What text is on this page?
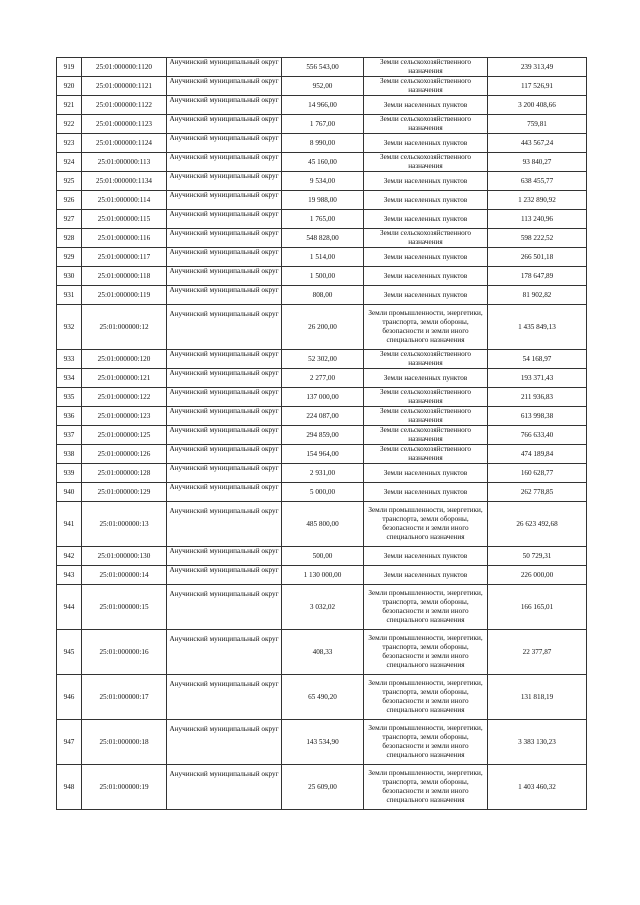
919	25:01:000000:1120	Анучинский муниципальный округ	556 543,00	Земли сельскохозяйственного назначения	239 313,49
920	25:01:000000:1121	Анучинский муниципальный округ	952,00	Земли сельскохозяйственного назначения	117 526,91
921	25:01:000000:1122	Анучинский муниципальный округ	14 966,00	Земли населенных пунктов	3 200 408,66
922	25:01:000000:1123	Анучинский муниципальный округ	1 767,00	Земли сельскохозяйственного назначения	759,81
923	25:01:000000:1124	Анучинский муниципальный округ	8 990,00	Земли населенных пунктов	443 567,24
924	25:01:000000:113	Анучинский муниципальный округ	45 160,00	Земли сельскохозяйственного назначения	93 840,27
925	25:01:000000:1134	Анучинский муниципальный округ	9 534,00	Земли населенных пунктов	638 455,77
926	25:01:000000:114	Анучинский муниципальный округ	19 988,00	Земли населенных пунктов	1 232 890,92
927	25:01:000000:115	Анучинский муниципальный округ	1 765,00	Земли населенных пунктов	113 240,96
928	25:01:000000:116	Анучинский муниципальный округ	548 828,00	Земли сельскохозяйственного назначения	598 222,52
929	25:01:000000:117	Анучинский муниципальный округ	1 514,00	Земли населенных пунктов	266 501,18
930	25:01:000000:118	Анучинский муниципальный округ	1 500,00	Земли населенных пунктов	178 647,89
931	25:01:000000:119	Анучинский муниципальный округ	808,00	Земли населенных пунктов	81 902,82
932	25:01:000000:12	Анучинский муниципальный округ	26 200,00	Земли промышленности, энергетики, транспорта, земли обороны, безопасности и земли иного специального назначения	1 435 849,13
933	25:01:000000:120	Анучинский муниципальный округ	52 302,00	Земли сельскохозяйственного назначения	54 168,97
934	25:01:000000:121	Анучинский муниципальный округ	2 277,00	Земли населенных пунктов	193 371,43
935	25:01:000000:122	Анучинский муниципальный округ	137 000,00	Земли сельскохозяйственного назначения	211 936,83
936	25:01:000000:123	Анучинский муниципальный округ	224 087,00	Земли сельскохозяйственного назначения	613 998,38
937	25:01:000000:125	Анучинский муниципальный округ	294 859,00	Земли сельскохозяйственного назначения	766 633,40
938	25:01:000000:126	Анучинский муниципальный округ	154 964,00	Земли сельскохозяйственного назначения	474 189,84
939	25:01:000000:128	Анучинский муниципальный округ	2 931,00	Земли населенных пунктов	160 628,77
940	25:01:000000:129	Анучинский муниципальный округ	5 000,00	Земли населенных пунктов	262 778,85
941	25:01:000000:13	Анучинский муниципальный округ	485 800,00	Земли промышленности, энергетики, транспорта, земли обороны, безопасности и земли иного специального назначения	26 623 492,68
942	25:01:000000:130	Анучинский муниципальный округ	500,00	Земли населенных пунктов	50 729,31
943	25:01:000000:14	Анучинский муниципальный округ	1 130 000,00	Земли населенных пунктов	226 000,00
944	25:01:000000:15	Анучинский муниципальный округ	3 032,02	Земли промышленности, энергетики, транспорта, земли обороны, безопасности и земли иного специального назначения	166 165,01
945	25:01:000000:16	Анучинский муниципальный округ	408,33	Земли промышленности, энергетики, транспорта, земли обороны, безопасности и земли иного специального назначения	22 377,87
946	25:01:000000:17	Анучинский муниципальный округ	65 490,20	Земли промышленности, энергетики, транспорта, земли обороны, безопасности и земли иного специального назначения	131 818,19
947	25:01:000000:18	Анучинский муниципальный округ	143 534,90	Земли промышленности, энергетики, транспорта, земли обороны, безопасности и земли иного специального назначения	3 383 130,23
948	25:01:000000:19	Анучинский муниципальный округ	25 609,00	Земли промышленности, энергетики, транспорта, земли обороны, безопасности и земли иного специального назначения	1 403 460,32
